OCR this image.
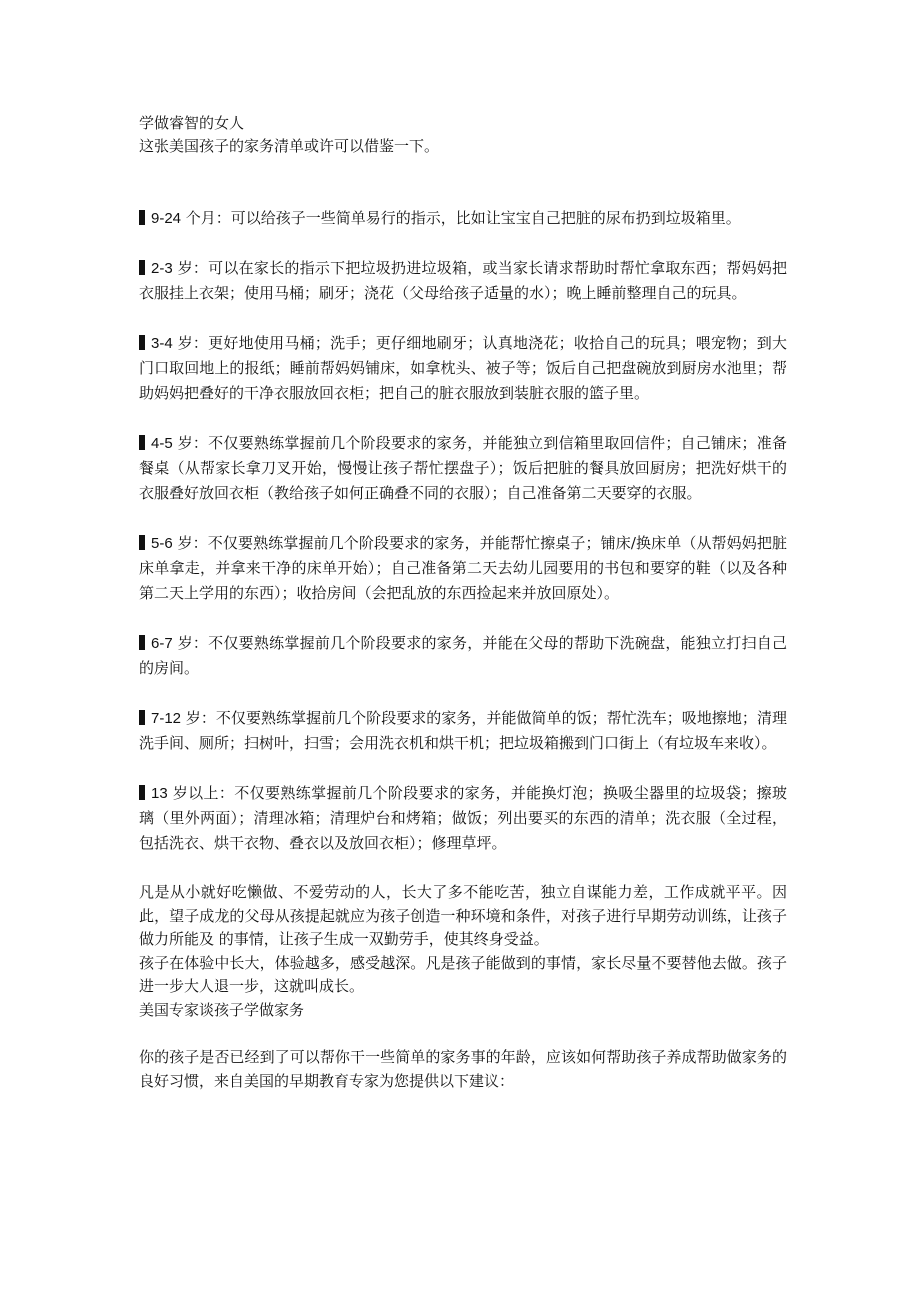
学做睿智的女人

这张美国孩子的家务清单或许可以借鉴一下。

9-24 个月：可以给孩子一些简单易行的指示，比如让宝宝自己把脏的尿布扔到垃圾箱里。

2-3 岁：可以在家长的指示下把垃圾扔进垃圾箱，或当家长请求帮助时帮忙拿取东西；帮妈妈把衣服挂上衣架；使用马桶；刷牙；浇花（父母给孩子适量的水）；晚上睡前整理自己的玩具。

3-4 岁：更好地使用马桶；洗手；更仔细地刷牙；认真地浇花；收拾自己的玩具；喂宠物；到大门口取回地上的报纸；睡前帮妈妈铺床，如拿枕头、被子等；饭后自己把盘碗放到厨房水池里；帮助妈妈把叠好的干净衣服放回衣柜；把自己的脏衣服放到装脏衣服的篮子里。

4-5 岁：不仅要熟练掌握前几个阶段要求的家务，并能独立到信箱里取回信件；自己铺床；准备餐桌（从帮家长拿刀叉开始，慢慢让孩子帮忙摆盘子）；饭后把脏的餐具放回厨房；把洗好烘干的衣服叠好放回衣柜（教给孩子如何正确叠不同的衣服）；自己准备第二天要穿的衣服。

5-6 岁：不仅要熟练掌握前几个阶段要求的家务，并能帮忙擦桌子；铺床/换床单（从帮妈妈把脏床单拿走，并拿来干净的床单开始）；自己准备第二天去幼儿园要用的书包和要穿的鞋（以及各种第二天上学用的东西）；收拾房间（会把乱放的东西捡起来并放回原处）。

6-7 岁：不仅要熟练掌握前几个阶段要求的家务，并能在父母的帮助下洗碗盘，能独立打扫自己的房间。

7-12 岁：不仅要熟练掌握前几个阶段要求的家务，并能做简单的饭；帮忙洗车；吸地擦地；清理洗手间、厕所；扫树叶，扫雪；会用洗衣机和烘干机；把垃圾箱搬到门口街上（有垃圾车来收）。

13 岁以上：不仅要熟练掌握前几个阶段要求的家务，并能换灯泡；换吸尘器里的垃圾袋；擦玻璃（里外两面）；清理冰箱；清理炉台和烤箱；做饭；列出要买的东西的清单；洗衣服（全过程，包括洗衣、烘干衣物、叠衣以及放回衣柜）；修理草坪。

凡是从小就好吃懒做、不爱劳动的人，长大了多不能吃苦，独立自谋能力差，工作成就平平。因此，望子成龙的父母从孩提起就应为孩子创造一种环境和条件，对孩子进行早期劳动训练，让孩子做力所能及 的事情，让孩子生成一双勤劳手，使其终身受益。

孩子在体验中长大，体验越多，感受越深。凡是孩子能做到的事情，家长尽量不要替他去做。孩子进一步大人退一步，这就叫成长。

美国专家谈孩子学做家务

你的孩子是否已经到了可以帮你干一些简单的家务事的年龄，应该如何帮助孩子养成帮助做家务的良好习惯，来自美国的早期教育专家为您提供以下建议：
